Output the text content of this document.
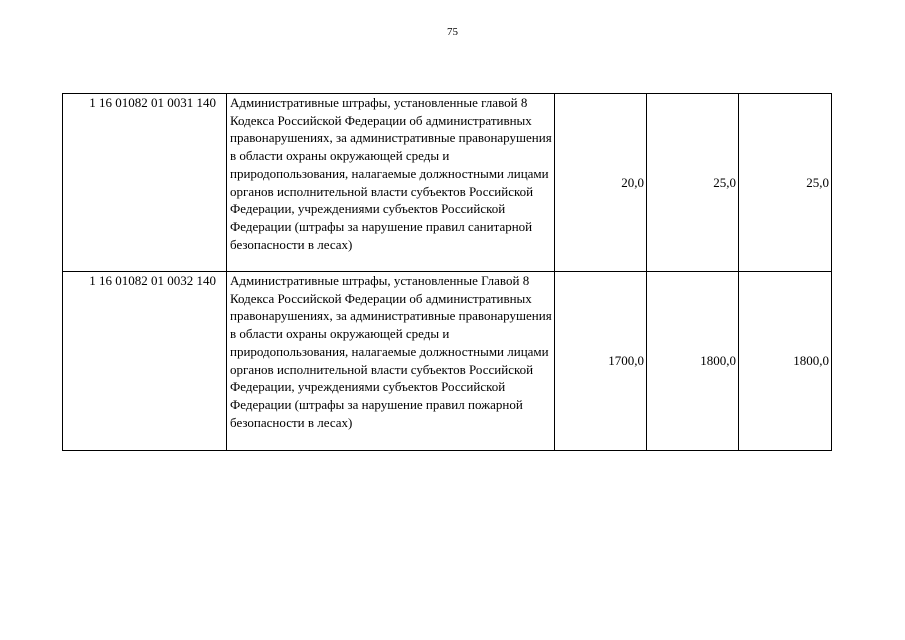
75
1 16 01082 01 0031 140	Административные штрафы, установленные главой 8 Кодекса Российской Федерации об административных правонарушениях, за административные правонарушения в области охраны окружающей среды и природопользования, налагаемые должностными лицами органов исполнительной власти субъектов Российской Федерации, учреждениями субъектов Российской Федерации (штрафы за нарушение правил санитарной безопасности в лесах)	20,0	25,0	25,0
1 16 01082 01 0032 140	Административные штрафы, установленные Главой 8 Кодекса Российской Федерации об административных правонарушениях, за административные правонарушения в области охраны окружающей среды и природопользования, налагаемые должностными лицами органов исполнительной власти субъектов Российской Федерации, учреждениями субъектов Российской Федерации (штрафы за нарушение правил пожарной безопасности в лесах)	1700,0	1800,0	1800,0
